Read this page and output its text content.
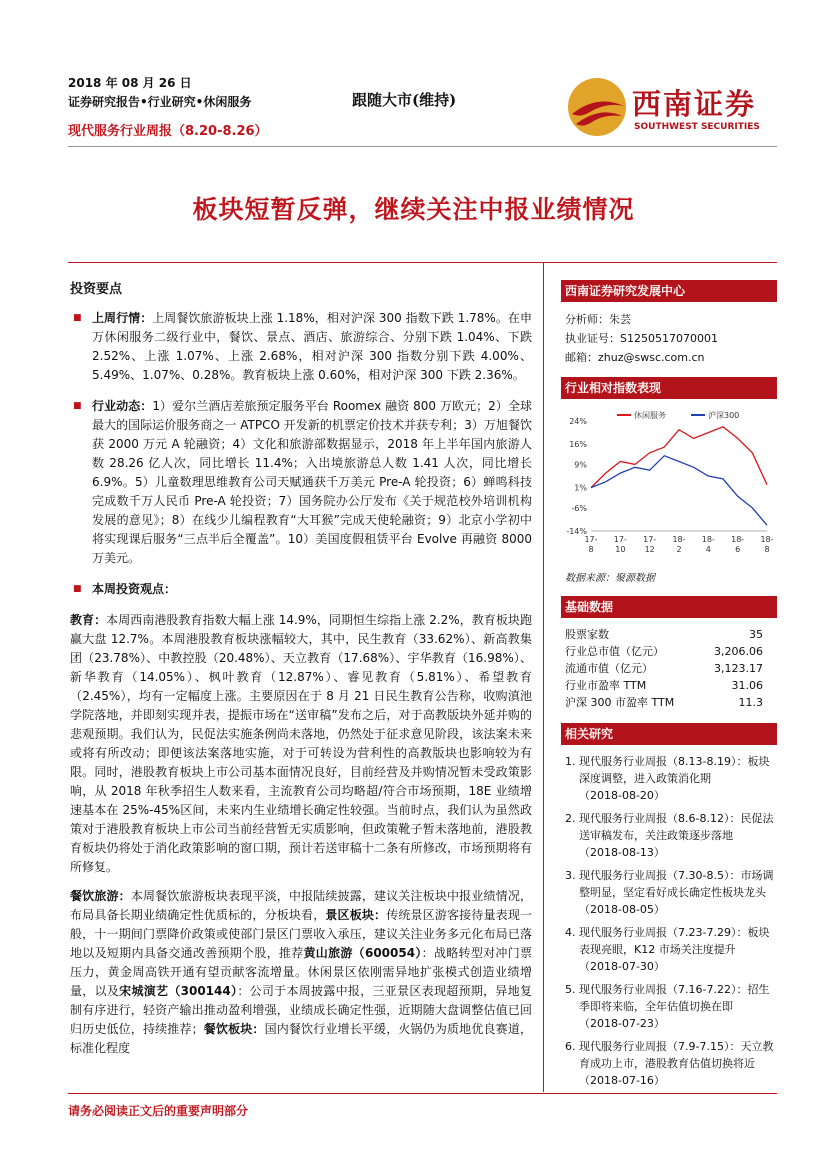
2018 年 08 月 26 日
证券研究报告•行业研究•休闲服务
现代服务行业周报（8.20-8.26）
跟随大市(维持)	西南证券
SOUTHWEST SECURITIES
板块短暂反弹，继续关注中报业绩情况
投资要点
■ 上周行情：上周餐饮旅游板块上涨 1.18%，相对沪深 300 指数下跌 1.78%。在申万休闲服务二级行业中，餐饮、景点、酒店、旅游综合、分别下跌 1.04%、下跌 2.52%、上涨 1.07%、上涨 2.68%，相对沪深 300 指数分别下跌 4.00%、5.49%、1.07%、0.28%。教育板块上涨 0.60%，相对沪深 300 下跌 2.36%。
■ 行业动态：1）爱尔兰酒店差旅预定服务平台 Roomex 融资 800 万欧元；2）全球最大的国际运价服务商之一 ATPCO 开发新的机票定价技术并获专利；3）万旭餐饮获 2000 万元 A 轮融资；4）文化和旅游部数据显示，2018 年上半年国内旅游人数 28.26 亿人次，同比增长 11.4%；入出境旅游总人数 1.41 人次，同比增长 6.9%。5）儿童数理思维教育公司天赋通获千万美元 Pre-A 轮投资；6）蝉鸣科技完成数千万人民币 Pre-A 轮投资；7）国务院办公厅发布《关于规范校外培训机构发展的意见》；8）在线少儿编程教育“大耳猴”完成天使轮融资；9）北京小学初中将实现课后服务“三点半后全覆盖”。10）美国度假租赁平台 Evolve 再融资 8000 万美元。
■ 本周投资观点：
教育：本周西南港股教育指数大幅上涨 14.9%，同期恒生综指上涨 2.2%，教育板块跑赢大盘 12.7%。本周港股教育板块涨幅较大，其中，民生教育（33.62%）、新高教集团（23.78%）、中教控股（20.48%）、天立教育（17.68%）、宇华教育（16.98%）、新华教育（14.05%）、枫叶教育（12.87%）、睿见教育（5.81%）、希望教育（2.45%），均有一定幅度上涨。主要原因在于 8 月 21 日民生教育公告称，收购滇池学院落地，并即刻实现并表，提振市场在“送审稿”发布之后，对于高教版块外延并购的悲观预期。我们认为，民促法实施条例尚未落地，仍然处于征求意见阶段，该法案未来或将有所改动；即便该法案落地实施，对于可转设为营利性的高教版块也影响较为有限。同时，港股教育板块上市公司基本面情况良好，目前经营及并购情况暂未受政策影响，从 2018 年秋季招生人数来看，主流教育公司均略超/符合市场预期，18E 业绩增速基本在 25%-45%区间，未来内生业绩增长确定性较强。当前时点，我们认为虽然政策对于港股教育板块上市公司当前经营暂无实质影响，但政策靴子暂未落地前，港股教育板块仍将处于消化政策影响的窗口期，预计若送审稿十二条有所修改，市场预期将有所修复。
餐饮旅游：本周餐饮旅游板块表现平淡，中报陆续披露，建议关注板块中报业绩情况，布局具备长期业绩确定性优质标的，分板块看，景区板块：传统景区游客接待量表现一般，十一期间门票降价政策或使部门景区门票收入承压，建议关注业务多元化布局已落地以及短期内具备交通改善预期个股，推荐黄山旅游（600054）：战略转型对冲门票压力，黄金周高铁开通有望贡献客流增量。休闲景区依刚需异地扩张模式创造业绩增量，以及宋城演艺（300144）：公司于本周披露中报，三亚景区表现超预期，异地复制有序进行，轻资产输出推动盈利增强，业绩成长确定性强，近期随大盘调整估值已回归历史低位，持续推荐；餐饮板块：国内餐饮行业增长平缓，火锅仍为质地优良赛道，标准化程度
西南证券研究发展中心
分析师：朱芸
执业证号：S1250517070001
邮箱：zhuz@swsc.com.cn
行业相对指数表现
24%
16%
9%
1%
-6%
-14%
17-
8
17-
10
17-
12
18-
2
18-
4
18-
6
18-
8
休闲服务	沪深300
数据来源：聚源数据
基础数据
股票家数	35
行业总市值（亿元）	3,206.06
流通市值（亿元）	3,123.17
行业市盈率 TTM	31.06
沪深 300 市盈率 TTM	11.3
相关研究
1. 现代服务行业周报（8.13-8.19）：板块深度调整，进入政策消化期
（2018-08-20）
2. 现代服务行业周报（8.6-8.12）：民促法送审稿发布，关注政策逐步落地
（2018-08-13）
3. 现代服务行业周报（7.30-8.5）：市场调整明显，坚定看好成长确定性板块龙头
（2018-08-05）
4. 现代服务行业周报（7.23-7.29）：板块表现亮眼，K12 市场关注度提升
（2018-07-30）
5. 现代服务行业周报（7.16-7.22）：招生季即将来临，全年估值切换在即
（2018-07-23）
6. 现代服务行业周报（7.9-7.15）：天立教育成功上市，港股教育估值切换将近
（2018-07-16）
请务必阅读正文后的重要声明部分
